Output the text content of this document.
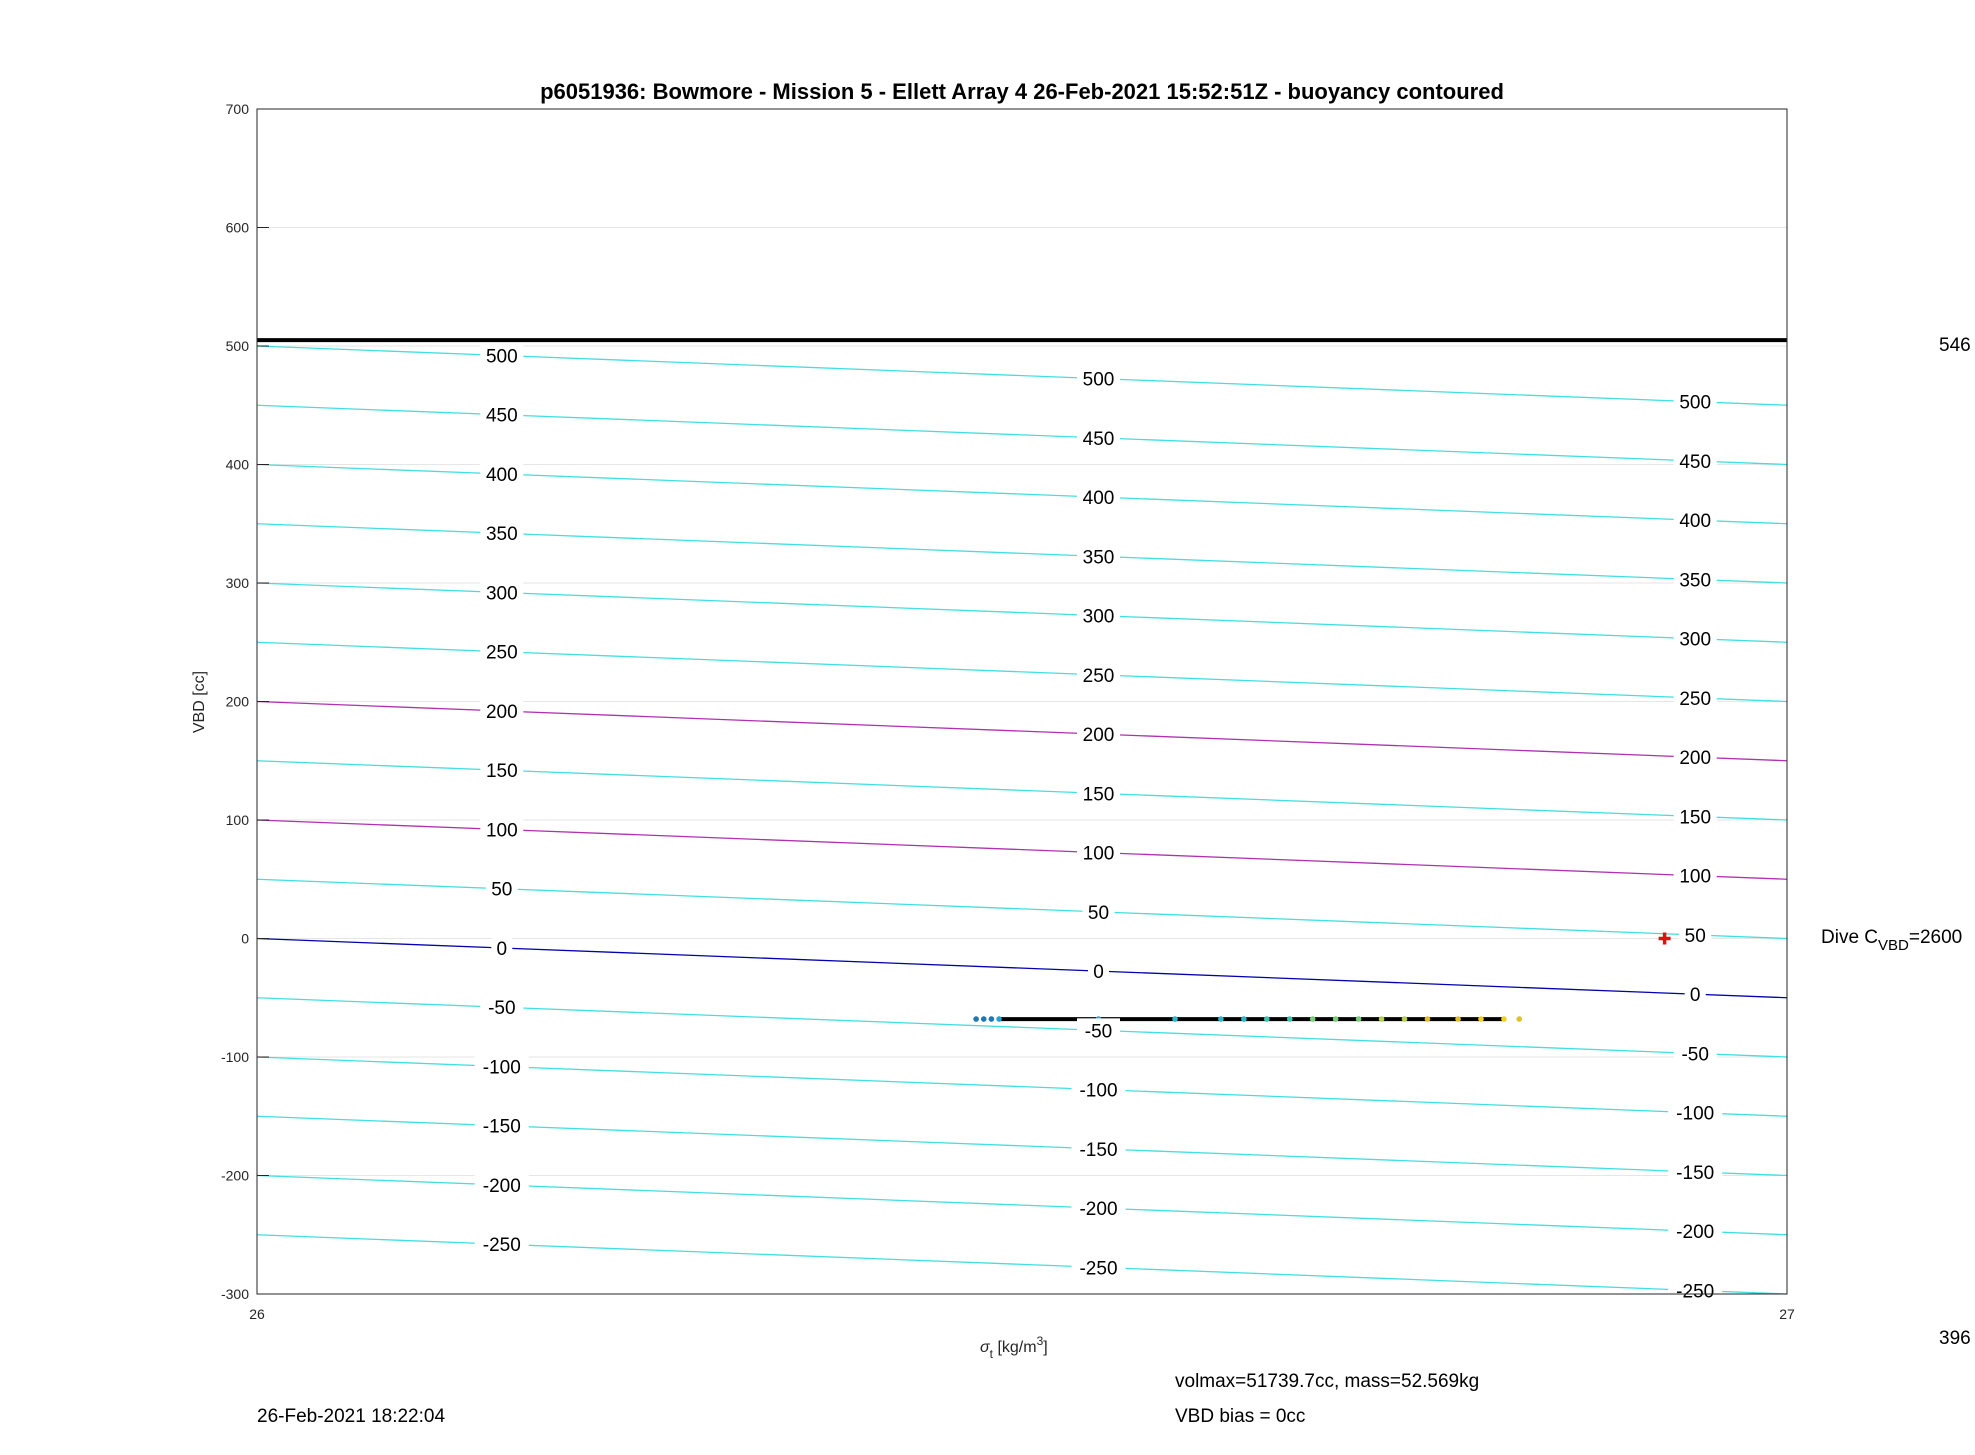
p6051936: Bowmore - Mission 5 - Ellett Array 4 26-Feb-2021 15:52:51Z - buoyancy contoured
-250
-250
-250
-200
-200
-200
-150
-150
-150
-100
-100
-100
-50
-50
-50
0
0
0
50
50
50
100
100
100
150
150
150
200
200
200
250
250
250
300
300
300
350
350
350
400
400
400
450
450
450
500
500
500
-300
-200
-100
0
100
200
300
400
500
600
700
26	27
VBD [cc]
$\sigma_t$ $[kg/m^3]$
546
396
Dive $C_{VBD}=2600$
26-Feb-2021 18:22:04
volmax=51739.7cc, mass=52.569kg
VBD bias = 0cc
